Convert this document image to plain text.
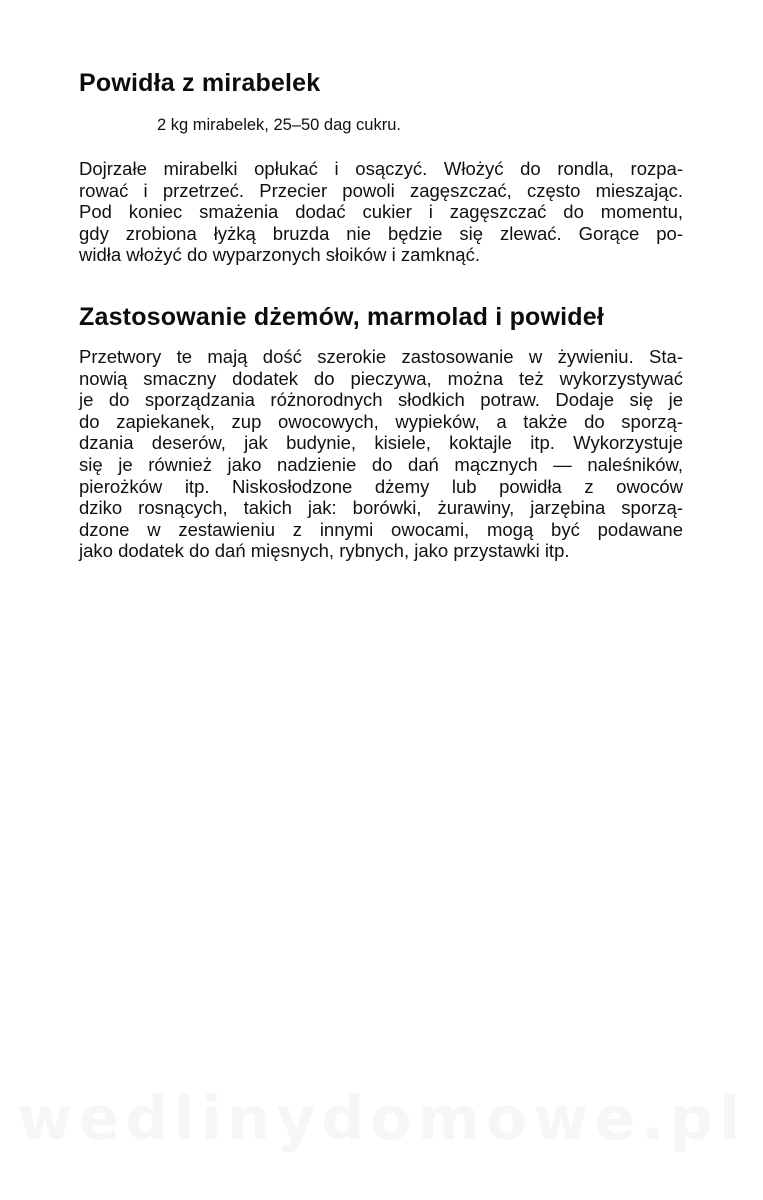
Powidła z mirabelek

2 kg mirabelek, 25–50 dag cukru.

Dojrzałe mirabelki opłukać i osączyć. Włożyć do rondla, rozpa-
rować i przetrzeć. Przecier powoli zagęszczać, często mieszając.
Pod koniec smażenia dodać cukier i zagęszczać do momentu,
gdy zrobiona łyżką bruzda nie będzie się zlewać. Gorące po-
widła włożyć do wyparzonych słoików i zamknąć.
Zastosowanie dżemów, marmolad i powideł
Przetwory te mają dość szerokie zastosowanie w żywieniu. Sta-
nowią smaczny dodatek do pieczywa, można też wykorzystywać
je do sporządzania różnorodnych słodkich potraw. Dodaje się je
do zapiekanek, zup owocowych, wypieków, a także do sporzą-
dzania deserów, jak budynie, kisiele, koktajle itp. Wykorzystuje
się je również jako nadzienie do dań mącznych — naleśników,
pierożków itp. Niskosłodzone dżemy lub powidła z owoców
dziko rosnących, takich jak: borówki, żurawiny, jarzębina sporzą-
dzone w zestawieniu z innymi owocami, mogą być podawane
jako dodatek do dań mięsnych, rybnych, jako przystawki itp.
wedlinydomowe.pl
